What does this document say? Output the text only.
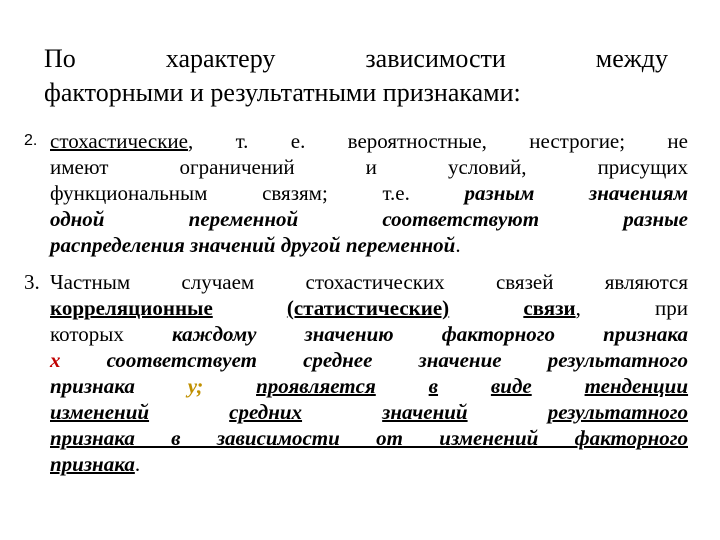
По	характеру	зависимости	между
факторными и результатными признаками:
2. стохастические, т. е. вероятностные, нестрогие; не
имеют ограничений и условий, присущих
функциональным связям; т.е. разным значениям
одной переменной соответствуют разные
распределения значений другой переменной.
3. Частным случаем стохастических связей являются
корреляционные	(статистические)	связи, при
которых каждому значению факторного признака
х соответствует среднее значение результатного
признака у;	проявляется	в	виде	тенденции
изменений	средних	значений	результатного
признака в зависимости от изменений факторного
признака.
